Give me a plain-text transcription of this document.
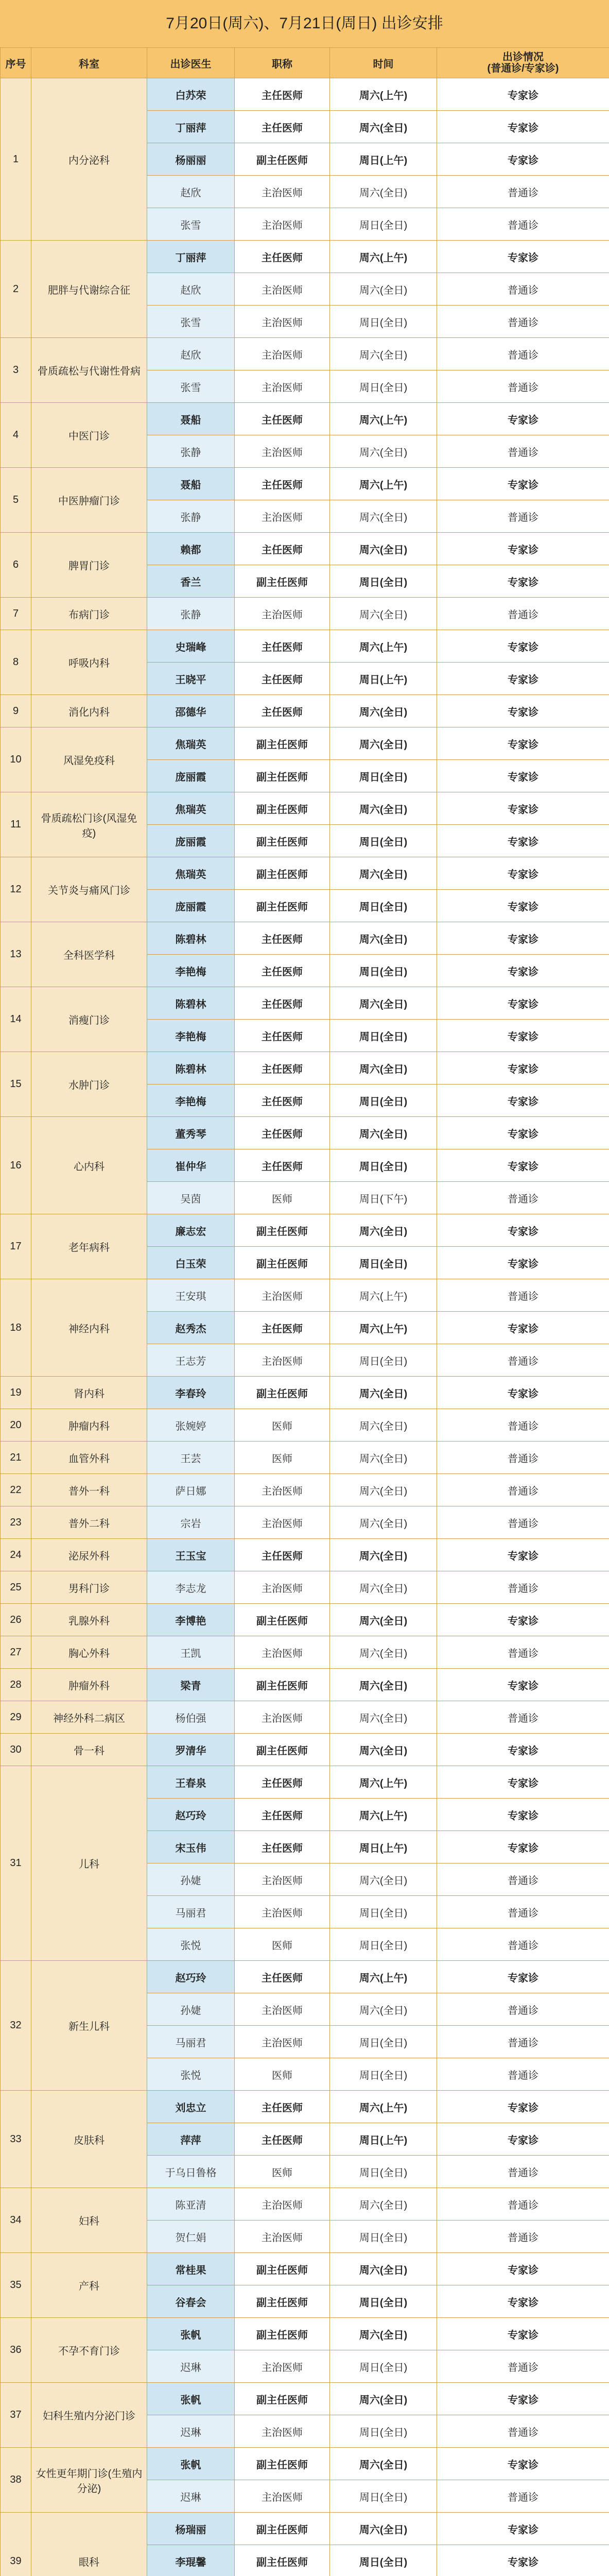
7月20日(周六)、7月21日(周日) 出诊安排
序号	科室	出诊医生	职称	时间	出诊情况
(普通诊/专家诊)
1	内分泌科	白苏荣	主任医师	周六(上午)	专家诊
		丁丽萍	主任医师	周六(全日)	专家诊
		杨丽丽	副主任医师	周日(上午)	专家诊
		赵欣	主治医师	周六(全日)	普通诊
		张雪	主治医师	周日(全日)	普通诊
2	肥胖与代谢综合征	丁丽萍	主任医师	周六(上午)	专家诊
		赵欣	主治医师	周六(全日)	普通诊
		张雪	主治医师	周日(全日)	普通诊
3	骨质疏松与代谢性骨病	赵欣	主治医师	周六(全日)	普通诊
		张雪	主治医师	周日(全日)	普通诊
4	中医门诊	聂船	主任医师	周六(上午)	专家诊
		张静	主治医师	周六(全日)	普通诊
5	中医肿瘤门诊	聂船	主任医师	周六(上午)	专家诊
		张静	主治医师	周六(全日)	普通诊
6	脾胃门诊	赖都	主任医师	周六(全日)	专家诊
		香兰	副主任医师	周日(全日)	专家诊
7	布病门诊	张静	主治医师	周六(全日)	普通诊
8	呼吸内科	史瑞峰	主任医师	周六(上午)	专家诊
		王晓平	主任医师	周日(上午)	专家诊
9	消化内科	邵德华	主任医师	周六(全日)	专家诊
10	风湿免疫科	焦瑞英	副主任医师	周六(全日)	专家诊
		庞丽霞	副主任医师	周日(全日)	专家诊
11	骨质疏松门诊(风湿免疫)	焦瑞英	副主任医师	周六(全日)	专家诊
		庞丽霞	副主任医师	周日(全日)	专家诊
12	关节炎与痛风门诊	焦瑞英	副主任医师	周六(全日)	专家诊
		庞丽霞	副主任医师	周日(全日)	专家诊
13	全科医学科	陈碧林	主任医师	周六(全日)	专家诊
		李艳梅	主任医师	周日(全日)	专家诊
14	消瘦门诊	陈碧林	主任医师	周六(全日)	专家诊
		李艳梅	主任医师	周日(全日)	专家诊
15	水肿门诊	陈碧林	主任医师	周六(全日)	专家诊
		李艳梅	主任医师	周日(全日)	专家诊
16	心内科	董秀琴	主任医师	周六(全日)	专家诊
		崔仲华	主任医师	周日(全日)	专家诊
		吴茵	医师	周日(下午)	普通诊
17	老年病科	廉志宏	副主任医师	周六(全日)	专家诊
		白玉荣	副主任医师	周日(全日)	专家诊
18	神经内科	王安琪	主治医师	周六(上午)	普通诊
		赵秀杰	主任医师	周六(上午)	专家诊
		王志芳	主治医师	周日(全日)	普通诊
19	肾内科	李春玲	副主任医师	周六(全日)	专家诊
20	肿瘤内科	张婉婷	医师	周六(全日)	普通诊
21	血管外科	王芸	医师	周六(全日)	普通诊
22	普外一科	萨日娜	主治医师	周六(全日)	普通诊
23	普外二科	宗岩	主治医师	周六(全日)	普通诊
24	泌尿外科	王玉宝	主任医师	周六(全日)	专家诊
25	男科门诊	李志龙	主治医师	周六(全日)	普通诊
26	乳腺外科	李博艳	副主任医师	周六(全日)	专家诊
27	胸心外科	王凯	主治医师	周六(全日)	普通诊
28	肿瘤外科	梁青	副主任医师	周六(全日)	专家诊
29	神经外科二病区	杨伯强	主治医师	周六(全日)	普通诊
30	骨一科	罗清华	副主任医师	周六(全日)	专家诊
31	儿科	王春泉	主任医师	周六(上午)	专家诊
		赵巧玲	主任医师	周六(上午)	专家诊
		宋玉伟	主任医师	周日(上午)	专家诊
		孙婕	主治医师	周六(全日)	普通诊
		马丽君	主治医师	周日(全日)	普通诊
		张悦	医师	周日(全日)	普通诊
32	新生儿科	赵巧玲	主任医师	周六(上午)	专家诊
		孙婕	主治医师	周六(全日)	普通诊
		马丽君	主治医师	周日(全日)	普通诊
		张悦	医师	周日(全日)	普通诊
33	皮肤科	刘忠立	主任医师	周六(上午)	专家诊
		萍萍	主任医师	周日(上午)	专家诊
		于乌日鲁格	医师	周日(全日)	普通诊
34	妇科	陈亚清	主治医师	周六(全日)	普通诊
		贺仁娟	主治医师	周日(全日)	普通诊
35	产科	常桂果	副主任医师	周六(全日)	专家诊
		谷春会	副主任医师	周日(全日)	专家诊
36	不孕不育门诊	张帆	副主任医师	周六(全日)	专家诊
		迟琳	主治医师	周日(全日)	普通诊
37	妇科生殖内分泌门诊	张帆	副主任医师	周六(全日)	专家诊
		迟琳	主治医师	周日(全日)	普通诊
38	女性更年期门诊(生殖内分泌)	张帆	副主任医师	周六(全日)	专家诊
		迟琳	主治医师	周日(全日)	普通诊
39	眼科	杨瑞丽	副主任医师	周六(全日)	专家诊
		李琨馨	副主任医师	周日(全日)	专家诊
